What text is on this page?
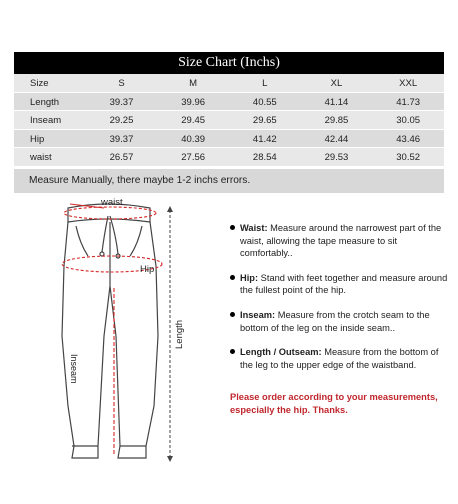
Size Chart (Inchs)
Size	S	M	L	XL	XXL
Length	39.37	39.96	40.55	41.14	41.73
Inseam	29.25	29.45	29.65	29.85	30.05
Hip	39.37	40.39	41.42	42.44	43.46
waist	26.57	27.56	28.54	29.53	30.52
Measure Manually, there maybe 1-2 inchs errors.
waist
Hip
Inseam
Length
Waist: Measure around the narrowest part of the waist, allowing the tape measure to sit comfortably..
Hip: Stand with feet together and measure around the fullest point of the hip.
Inseam: Measure from the crotch seam to the bottom of the leg on the inside seam..
Length / Outseam: Measure from the bottom of the leg to the upper edge of the waistband.
Please order according to your measurements, especially the hip. Thanks.
